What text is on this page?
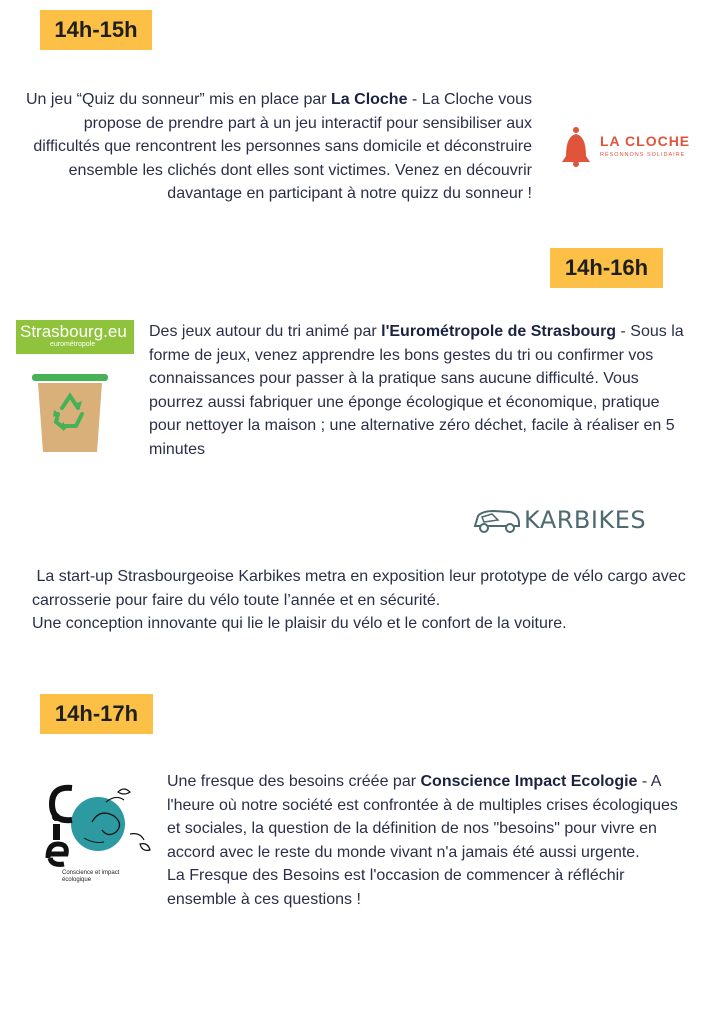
14h-15h
Un jeu “Quiz du sonneur” mis en place par La Cloche - La Cloche vous propose de prendre part à un jeu interactif pour sensibiliser aux difficultés que rencontrent les personnes sans domicile et déconstruire ensemble les clichés dont elles sont victimes. Venez en découvrir davantage en participant à notre quizz du sonneur !
LA CLOCHE
RÉSONNONS SOLIDAIRE
14h-16h
Strasbourg.eu
eurométropole
Des jeux autour du tri animé par l'Eurométropole de Strasbourg - Sous la forme de jeux, venez apprendre les bons gestes du tri ou confirmer vos connaissances pour passer à la pratique sans aucune difficulté. Vous pourrez aussi fabriquer une éponge écologique et économique, pratique pour nettoyer la maison ; une alternative zéro déchet, facile à réaliser en 5 minutes
KARBIKES
La start-up Strasbourgeoise Karbikes metra en exposition leur prototype de vélo cargo avec carrosserie pour faire du vélo toute l’année et en sécurité.
Une conception innovante qui lie le plaisir du vélo et le confort de la voiture.
14h-17h
Conscience et impact écologique
Une fresque des besoins créée par Conscience Impact Ecologie - A l'heure où notre société est confrontée à de multiples crises écologiques et sociales, la question de la définition de nos "besoins" pour vivre en accord avec le reste du monde vivant n'a jamais été aussi urgente.
La Fresque des Besoins est l'occasion de commencer à réfléchir ensemble à ces questions !
